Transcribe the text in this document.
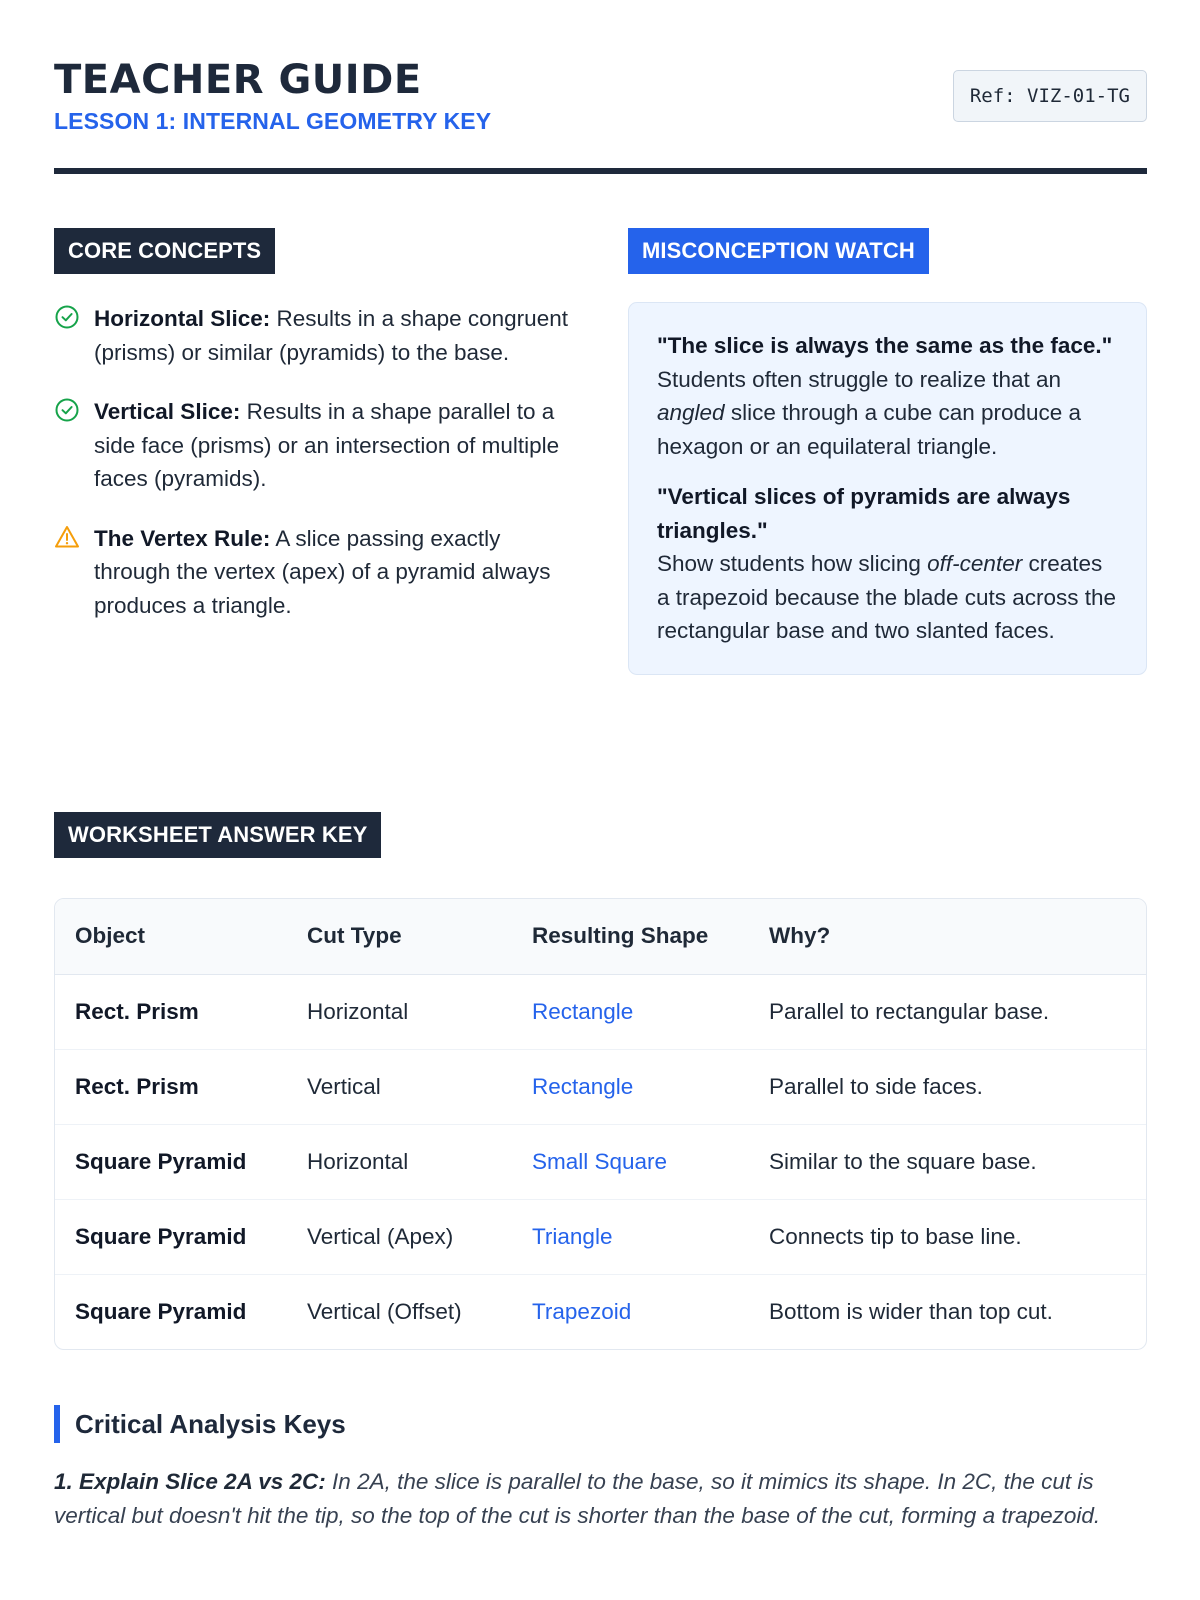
TEACHER GUIDE
LESSON 1: INTERNAL GEOMETRY KEY
Ref: VIZ-01-TG
CORE CONCEPTS
Horizontal Slice: Results in a shape congruent (prisms) or similar (pyramids) to the base.
Vertical Slice: Results in a shape parallel to a side face (prisms) or an intersection of multiple faces (pyramids).
The Vertex Rule: A slice passing exactly through the vertex (apex) of a pyramid always produces a triangle.
MISCONCEPTION WATCH
"The slice is always the same as the face."
Students often struggle to realize that an angled slice through a cube can produce a hexagon or an equilateral triangle.
"Vertical slices of pyramids are always triangles."
Show students how slicing off-center creates a trapezoid because the blade cuts across the rectangular base and two slanted faces.
WORKSHEET ANSWER KEY
Object	Cut Type	Resulting Shape	Why?
Rect. Prism	Horizontal	Rectangle	Parallel to rectangular base.
Rect. Prism	Vertical	Rectangle	Parallel to side faces.
Square Pyramid	Horizontal	Small Square	Similar to the square base.
Square Pyramid	Vertical (Apex)	Triangle	Connects tip to base line.
Square Pyramid	Vertical (Offset)	Trapezoid	Bottom is wider than top cut.
Critical Analysis Keys
1. Explain Slice 2A vs 2C: In 2A, the slice is parallel to the base, so it mimics its shape. In 2C, the cut is vertical but doesn't hit the tip, so the top of the cut is shorter than the base of the cut, forming a trapezoid.
